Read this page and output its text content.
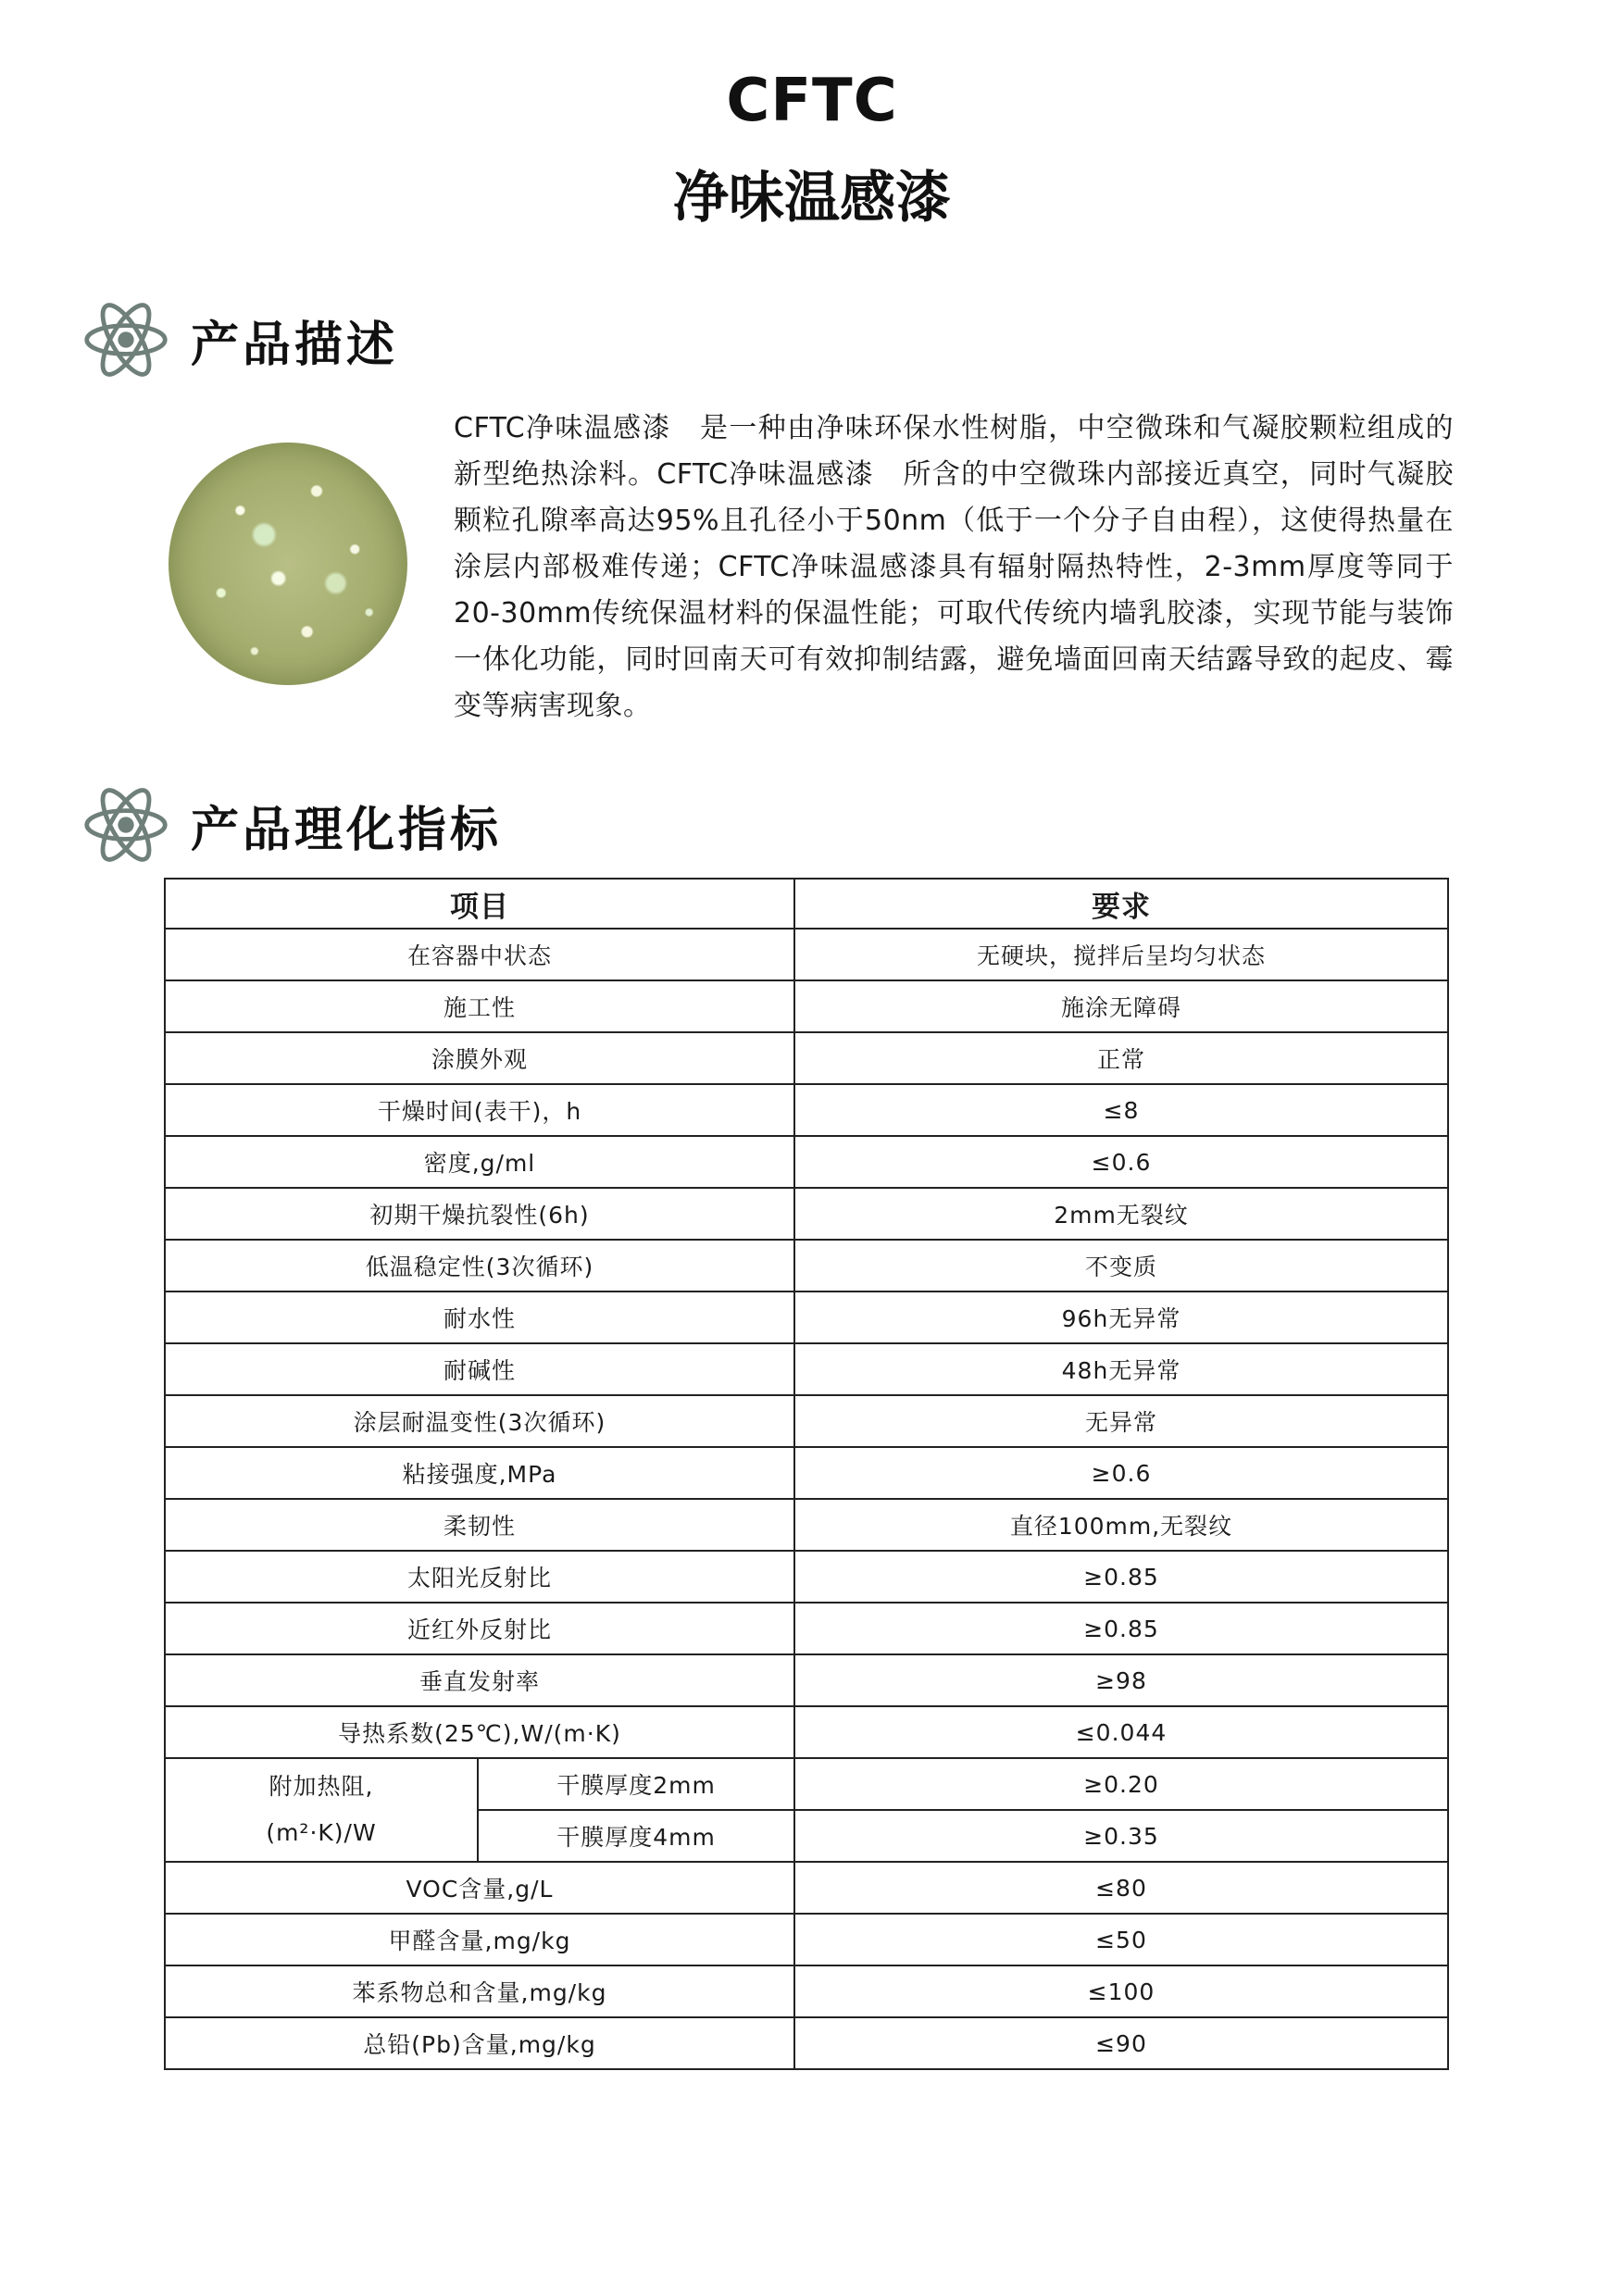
CFTC
净味温感漆
产品描述
CFTC净味温感漆　是一种由净味环保水性树脂，中空微珠和气凝胶颗粒组成的新型绝热涂料。CFTC净味温感漆　所含的中空微珠内部接近真空，同时气凝胶颗粒孔隙率高达95%且孔径小于50nm（低于一个分子自由程），这使得热量在涂层内部极难传递；CFTC净味温感漆具有辐射隔热特性，2-3mm厚度等同于20-30mm传统保温材料的保温性能；可取代传统内墙乳胶漆，实现节能与装饰一体化功能，同时回南天可有效抑制结露，避免墙面回南天结露导致的起皮、霉变等病害现象。
产品理化指标
项目		要求
在容器中状态		无硬块，搅拌后呈均匀状态
施工性		施涂无障碍
涂膜外观		正常
干燥时间(表干)，h		≤8
密度,g/ml		≤0.6
初期干燥抗裂性(6h)		2mm无裂纹
低温稳定性(3次循环)		不变质
耐水性		96h无异常
耐碱性		48h无异常
涂层耐温变性(3次循环)		无异常
粘接强度,MPa		≥0.6
柔韧性		直径100mm,无裂纹
太阳光反射比		≥0.85
近红外反射比		≥0.85
垂直发射率		≥98
导热系数(25℃),W/(m·K)		≤0.044

附加热阻,
(m²·K)/W	干膜厚度2mm	≥0.20
	干膜厚度4mm	≥0.35
VOC含量,g/L		≤80
甲醛含量,mg/kg		≤50
苯系物总和含量,mg/kg		≤100
总铅(Pb)含量,mg/kg		≤90
